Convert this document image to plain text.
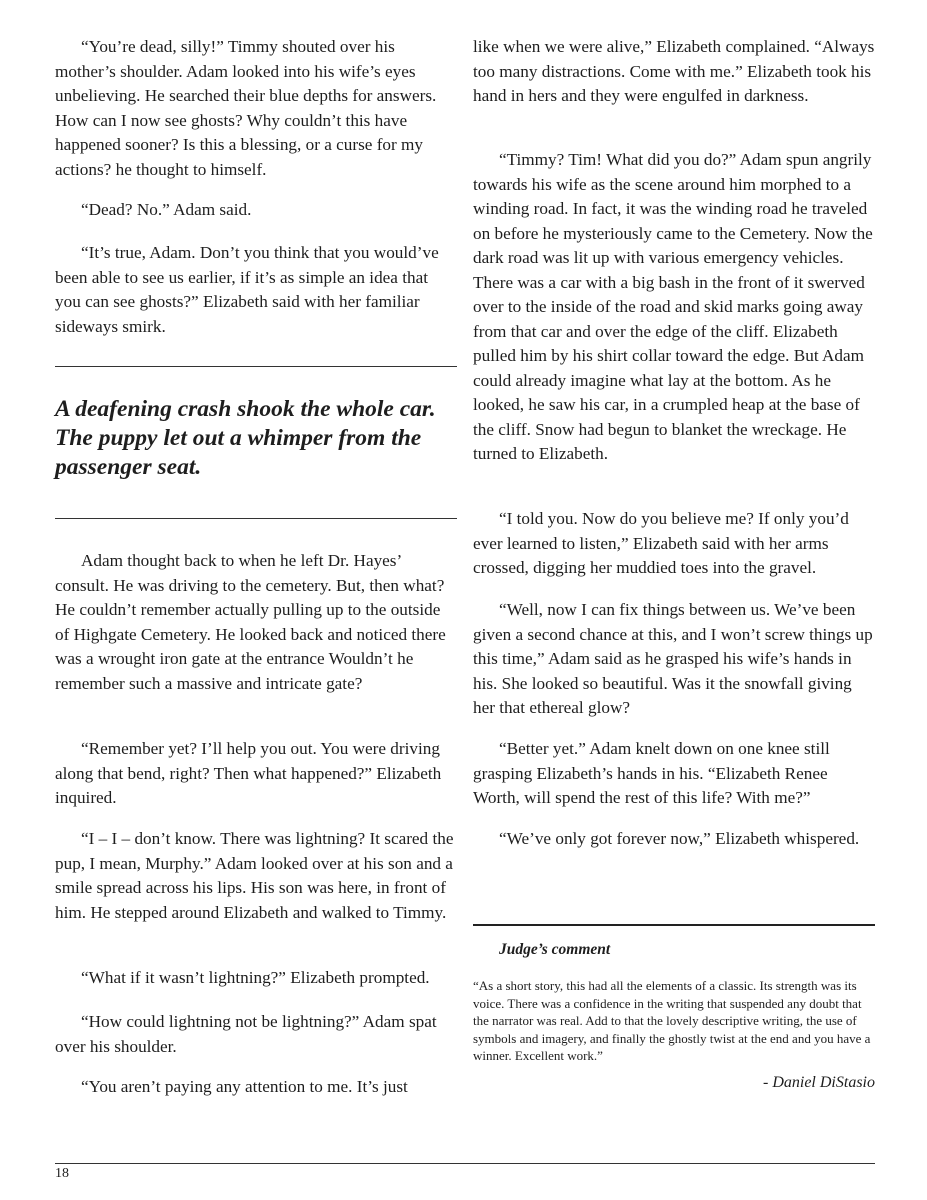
“You’re dead, silly!” Timmy shouted over his mother’s shoulder. Adam looked into his wife’s eyes unbelieving. He searched their blue depths for answers. How can I now see ghosts? Why couldn’t this have happened sooner? Is this a blessing, or a curse for my actions? he thought to himself.

“Dead? No.” Adam said.

“It’s true, Adam. Don’t you think that you would’ve been able to see us earlier, if it’s as simple an idea that you can see ghosts?” Elizabeth said with her familiar sideways smirk.

A deafening crash shook the whole car. The puppy let out a whimper from the passenger seat.

Adam thought back to when he left Dr. Hayes’ consult. He was driving to the cemetery. But, then what? He couldn’t remember actually pulling up to the outside of Highgate Cemetery. He looked back and noticed there was a wrought iron gate at the entrance Wouldn’t he remember such a massive and intricate gate?

“Remember yet? I’ll help you out. You were driving along that bend, right? Then what happened?” Elizabeth inquired.

“I – I – don’t know. There was lightning? It scared the pup, I mean, Murphy.” Adam looked over at his son and a smile spread across his lips. His son was here, in front of him. He stepped around Elizabeth and walked to Timmy.

“What if it wasn’t lightning?” Elizabeth prompted.

“How could lightning not be lightning?” Adam spat over his shoulder.

“You aren’t paying any attention to me. It’s just

like when we were alive,” Elizabeth complained. “Always too many distractions. Come with me.” Elizabeth took his hand in hers and they were engulfed in darkness.

“Timmy? Tim! What did you do?” Adam spun angrily towards his wife as the scene around him morphed to a winding road. In fact, it was the winding road he traveled on before he mysteriously came to the Cemetery. Now the dark road was lit up with various emergency vehicles. There was a car with a big bash in the front of it swerved over to the inside of the road and skid marks going away from that car and over the edge of the cliff. Elizabeth pulled him by his shirt collar toward the edge. But Adam could already imagine what lay at the bottom. As he looked, he saw his car, in a crumpled heap at the base of the cliff. Snow had begun to blanket the wreckage. He turned to Elizabeth.

“I told you. Now do you believe me? If only you’d ever learned to listen,” Elizabeth said with her arms crossed, digging her muddied toes into the gravel.

“Well, now I can fix things between us. We’ve been given a second chance at this, and I won’t screw things up this time,” Adam said as he grasped his wife’s hands in his. She looked so beautiful. Was it the snowfall giving her that ethereal glow?

“Better yet.” Adam knelt down on one knee still grasping Elizabeth’s hands in his. “Elizabeth Renee Worth, will spend the rest of this life? With me?”

“We’ve only got forever now,” Elizabeth whispered.

Judge’s comment

“As a short story, this had all the elements of a classic. Its strength was its voice. There was a confidence in the writing that suspended any doubt that the narrator was real. Add to that the lovely descriptive writing, the use of symbols and imagery, and finally the ghostly twist at the end and you have a winner. Excellent work.”

- Daniel DiStasio

18
